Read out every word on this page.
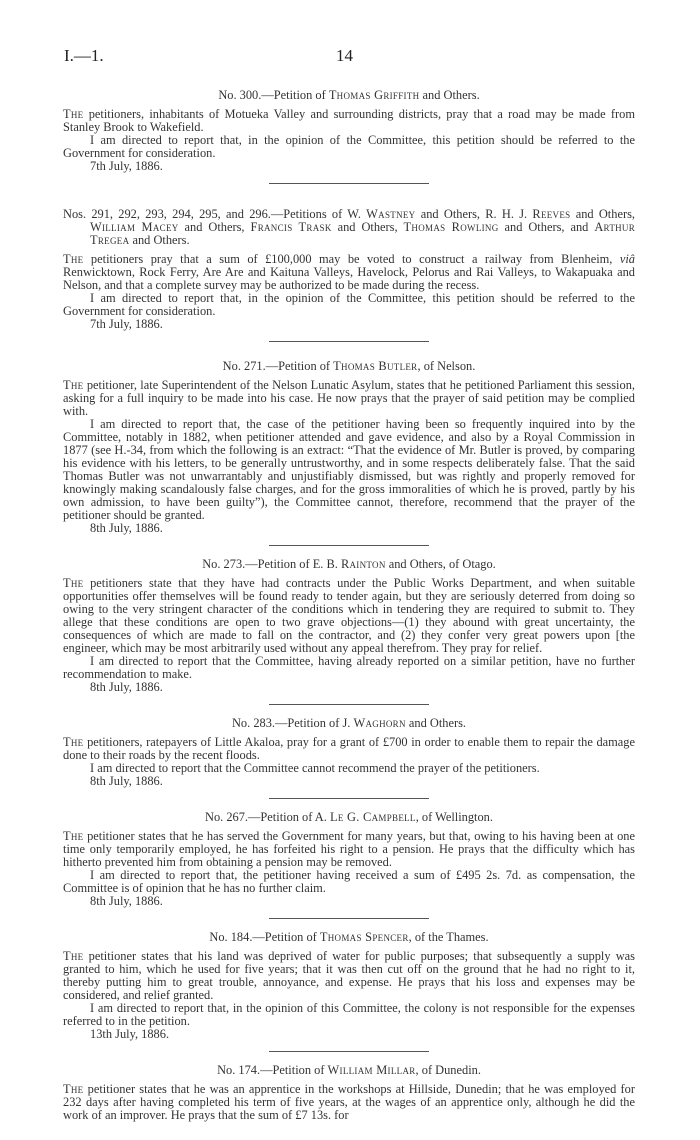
I.—1.	14
No. 300.—Petition of Thomas Griffith and Others.

The petitioners, inhabitants of Motueka Valley and surrounding districts, pray that a road may be made from Stanley Brook to Wakefield.

I am directed to report that, in the opinion of the Committee, this petition should be referred to the Government for consideration.

7th July, 1886.
Nos. 291, 292, 293, 294, 295, and 296.—Petitions of W. Wastney and Others, R. H. J. Reeves and Others, William Macey and Others, Francis Trask and Others, Thomas Rowling and Others, and Arthur Tregea and Others.

The petitioners pray that a sum of £100,000 may be voted to construct a railway from Blenheim, viâ Renwicktown, Rock Ferry, Are Are and Kaituna Valleys, Havelock, Pelorus and Rai Valleys, to Wakapuaka and Nelson, and that a complete survey may be authorized to be made during the recess.

I am directed to report that, in the opinion of the Committee, this petition should be referred to the Government for consideration.

7th July, 1886.
No. 271.—Petition of Thomas Butler, of Nelson.

The petitioner, late Superintendent of the Nelson Lunatic Asylum, states that he petitioned Parliament this session, asking for a full inquiry to be made into his case. He now prays that the prayer of said petition may be complied with.

I am directed to report that, the case of the petitioner having been so frequently inquired into by the Committee, notably in 1882, when petitioner attended and gave evidence, and also by a Royal Commission in 1877 (see H.-34, from which the following is an extract: “That the evidence of Mr. Butler is proved, by comparing his evidence with his letters, to be generally untrustworthy, and in some respects deliberately false. That the said Thomas Butler was not unwarrantably and unjustifiably dismissed, but was rightly and properly removed for knowingly making scandalously false charges, and for the gross immoralities of which he is proved, partly by his own admission, to have been guilty”), the Committee cannot, therefore, recommend that the prayer of the petitioner should be granted.

8th July, 1886.
No. 273.—Petition of E. B. Rainton and Others, of Otago.

The petitioners state that they have had contracts under the Public Works Department, and when suitable opportunities offer themselves will be found ready to tender again, but they are seriously deterred from doing so owing to the very stringent character of the conditions which in tendering they are required to submit to. They allege that these conditions are open to two grave objections—(1) they abound with great uncertainty, the consequences of which are made to fall on the contractor, and (2) they confer very great powers upon [the engineer, which may be most arbitrarily used without any appeal therefrom. They pray for relief.

I am directed to report that the Committee, having already reported on a similar petition, have no further recommendation to make.

8th July, 1886.
No. 283.—Petition of J. Waghorn and Others.

The petitioners, ratepayers of Little Akaloa, pray for a grant of £700 in order to enable them to repair the damage done to their roads by the recent floods.

I am directed to report that the Committee cannot recommend the prayer of the petitioners.

8th July, 1886.
No. 267.—Petition of A. Le G. Campbell, of Wellington.

The petitioner states that he has served the Government for many years, but that, owing to his having been at one time only temporarily employed, he has forfeited his right to a pension. He prays that the difficulty which has hitherto prevented him from obtaining a pension may be removed.

I am directed to report that, the petitioner having received a sum of £495 2s. 7d. as compensation, the Committee is of opinion that he has no further claim.

8th July, 1886.
No. 184.—Petition of Thomas Spencer, of the Thames.

The petitioner states that his land was deprived of water for public purposes; that subsequently a supply was granted to him, which he used for five years; that it was then cut off on the ground that he had no right to it, thereby putting him to great trouble, annoyance, and expense. He prays that his loss and expenses may be considered, and relief granted.

I am directed to report that, in the opinion of this Committee, the colony is not responsible for the expenses referred to in the petition.

13th July, 1886.
No. 174.—Petition of William Millar, of Dunedin.

The petitioner states that he was an apprentice in the workshops at Hillside, Dunedin; that he was employed for 232 days after having completed his term of five years, at the wages of an apprentice only, although he did the work of an improver. He prays that the sum of £7 13s. for
